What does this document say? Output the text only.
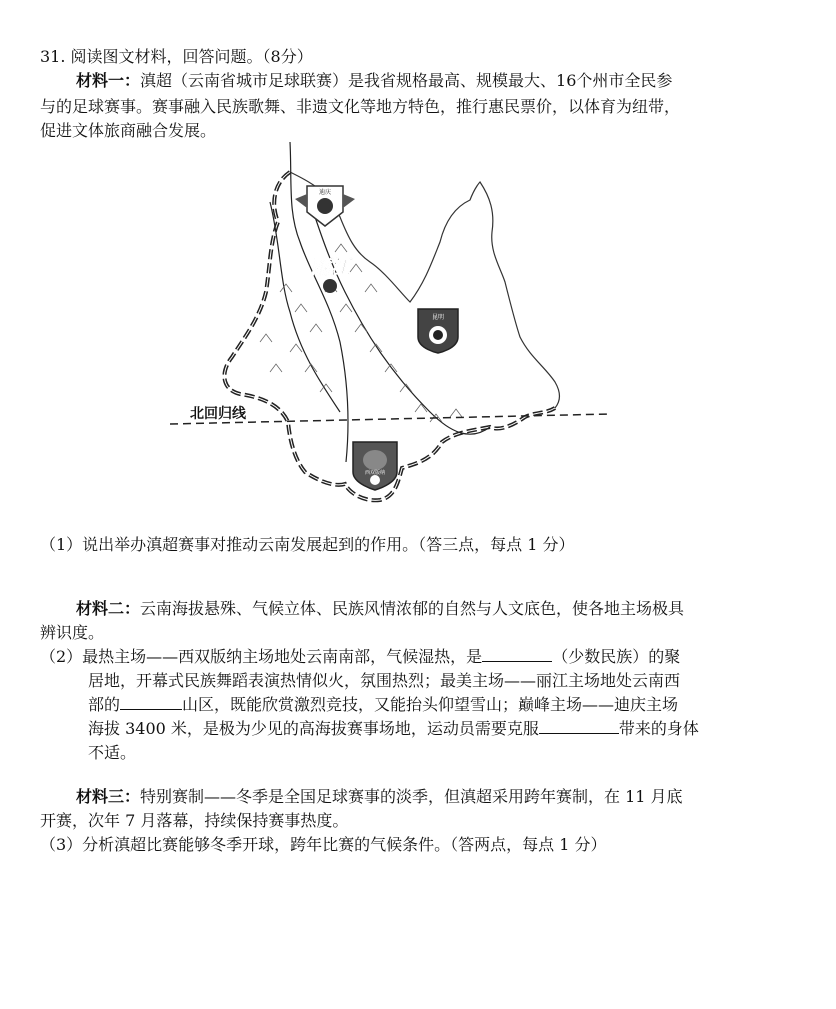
31. 阅读图文材料，回答问题。（8分）
材料一：滇超（云南省城市足球联赛）是我省规格最高、规模最大、16个州市全民参
与的足球赛事。赛事融入民族歌舞、非遗文化等地方特色，推行惠民票价，以体育为纽带，
促进文体旅商融合发展。
北回归线
迪庆
丽江
昆明
西双版纳
（1）说出举办滇超赛事对推动云南发展起到的作用。（答三点，每点 1 分）
材料二：云南海拔悬殊、气候立体、民族风情浓郁的自然与人文底色，使各地主场极具
辨识度。
（2）最热主场——西双版纳主场地处云南南部，气候湿热，是	（少数民族）的聚
居地，开幕式民族舞蹈表演热情似火，氛围热烈；最美主场——丽江主场地处云南西
部的	山区，既能欣赏激烈竞技，又能抬头仰望雪山；巅峰主场——迪庆主场
海拔 3400 米，是极为少见的高海拔赛事场地，运动员需要克服	带来的身体
不适。
材料三：特别赛制——冬季是全国足球赛事的淡季，但滇超采用跨年赛制，在 11 月底
开赛，次年 7 月落幕，持续保持赛事热度。
（3）分析滇超比赛能够冬季开球，跨年比赛的气候条件。（答两点，每点 1 分）
